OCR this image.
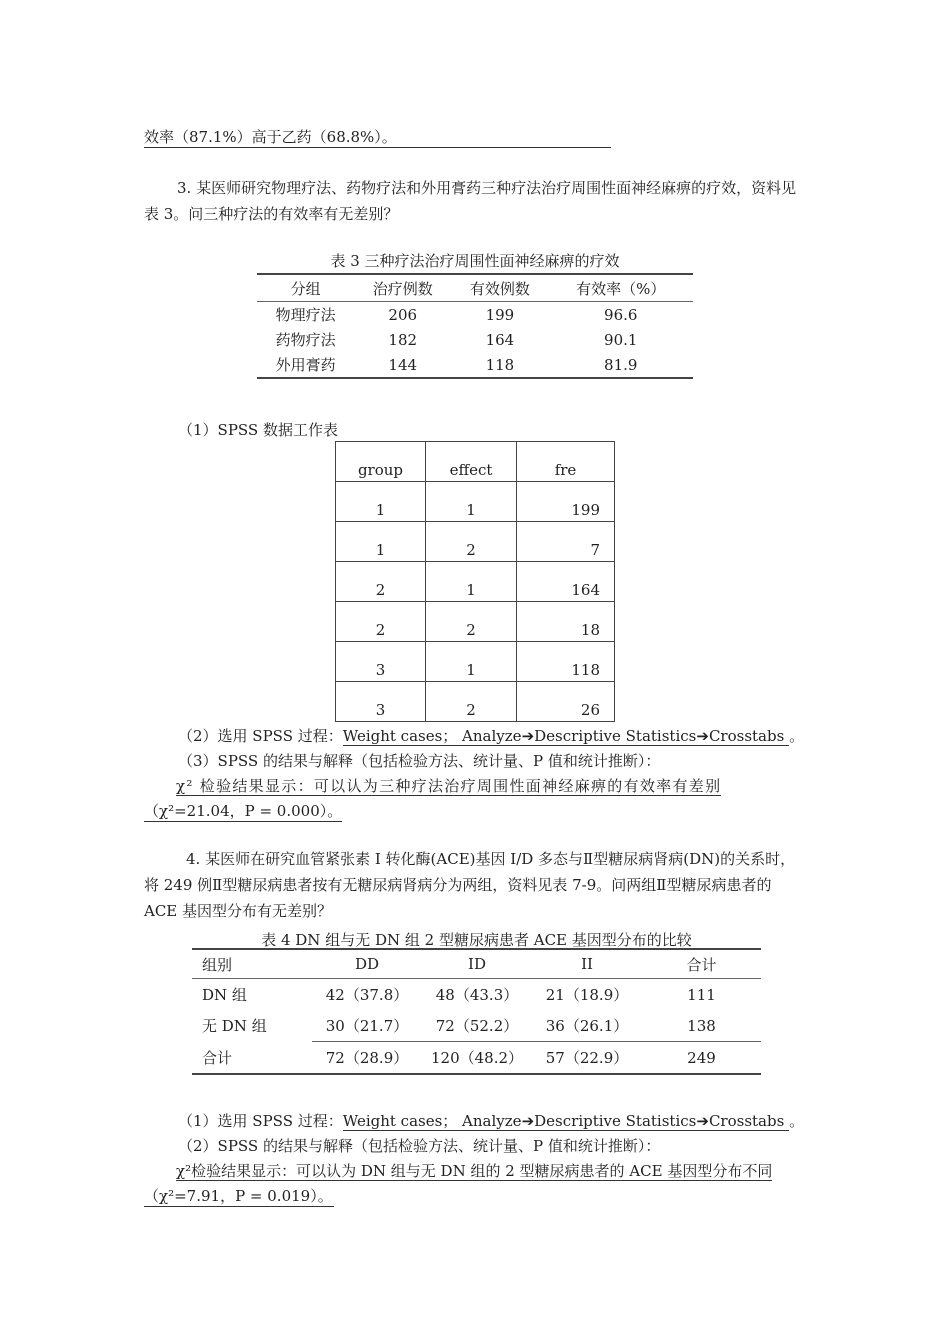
效率（87.1%）高于乙药（68.8%）。
3. 某医师研究物理疗法、药物疗法和外用膏药三种疗法治疗周围性面神经麻痹的疗效，资料见表 3。问三种疗法的有效率有无差别？
表 3 三种疗法治疗周围性面神经麻痹的疗效
分组	治疗例数	有效例数	有效率（%）
物理疗法	206	199	96.6
药物疗法	182	164	90.1
外用膏药	144	118	81.9
（1）SPSS 数据工作表
group	effect	fre
1	1	199
1	2	7
2	1	164
2	2	18
3	1	118
3	2	26
（2）选用 SPSS 过程：Weight cases； Analyze➔Descriptive Statistics➔Crosstabs 。
（3）SPSS 的结果与解释（包括检验方法、统计量、P 值和统计推断）：
χ² 检验结果显示：可以认为三种疗法治疗周围性面神经麻痹的有效率有差别
（χ²=21.04，P = 0.000）。
4. 某医师在研究血管紧张素 I 转化酶(ACE)基因 I/D 多态与Ⅱ型糖尿病肾病(DN)的关系时，将 249 例Ⅱ型糖尿病患者按有无糖尿病肾病分为两组，资料见表 7-9。问两组Ⅱ型糖尿病患者的 ACE 基因型分布有无差别？
表 4 DN 组与无 DN 组 2 型糖尿病患者 ACE 基因型分布的比较
组别	DD	ID	II	合计
DN 组	42（37.8）	48（43.3）	21（18.9）	111
无 DN 组	30（21.7）	72（52.2）	36（26.1）	138
合计	72（28.9）	120（48.2）	57（22.9）	249
（1）选用 SPSS 过程：Weight cases； Analyze➔Descriptive Statistics➔Crosstabs 。
（2）SPSS 的结果与解释（包括检验方法、统计量、P 值和统计推断）：
χ²检验结果显示：可以认为 DN 组与无 DN 组的 2 型糖尿病患者的 ACE 基因型分布不同
（χ²=7.91，P = 0.019）。
